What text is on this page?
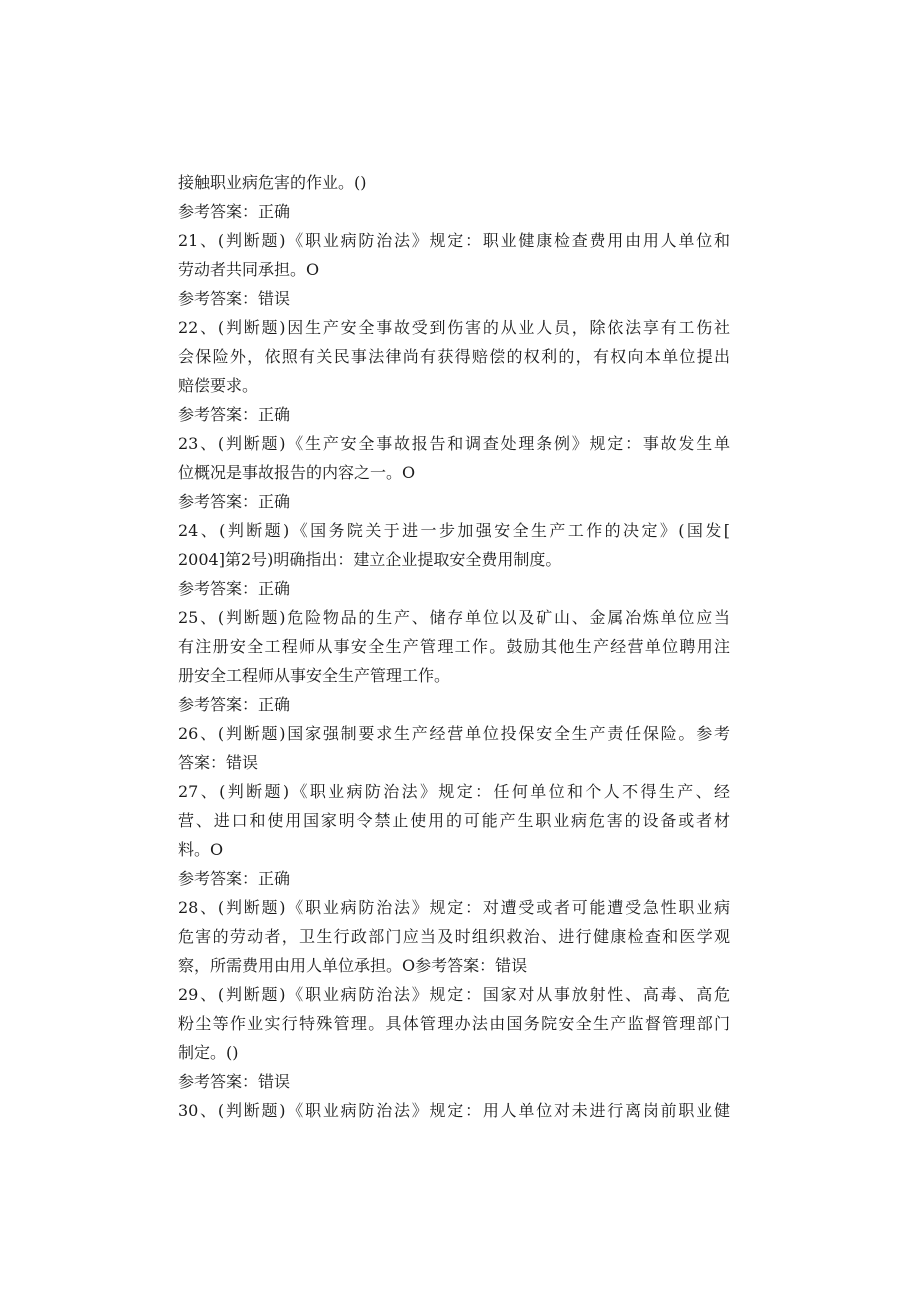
接触职业病危害的作业。()
参考答案：正确
21、(判断题)《职业病防治法》规定：职业健康检查费用由用人单位和
劳动者共同承担。O
参考答案：错误
22、(判断题)因生产安全事故受到伤害的从业人员，除依法享有工伤社
会保险外，依照有关民事法律尚有获得赔偿的权利的，有权向本单位提出
赔偿要求。
参考答案：正确
23、(判断题)《生产安全事故报告和调查处理条例》规定：事故发生单
位概况是事故报告的内容之一。O
参考答案：正确
24、(判断题)《国务院关于进一步加强安全生产工作的决定》(国发[
2004]第2号)明确指出：建立企业提取安全费用制度。
参考答案：正确
25、(判断题)危险物品的生产、储存单位以及矿山、金属冶炼单位应当
有注册安全工程师从事安全生产管理工作。鼓励其他生产经营单位聘用注
册安全工程师从事安全生产管理工作。
参考答案：正确
26、(判断题)国家强制要求生产经营单位投保安全生产责任保险。参考
答案：错误
27、(判断题)《职业病防治法》规定：任何单位和个人不得生产、经
营、进口和使用国家明令禁止使用的可能产生职业病危害的设备或者材
料。O
参考答案：正确
28、(判断题)《职业病防治法》规定：对遭受或者可能遭受急性职业病
危害的劳动者，卫生行政部门应当及时组织救治、进行健康检查和医学观
察，所需费用由用人单位承担。O参考答案：错误
29、(判断题)《职业病防治法》规定：国家对从事放射性、高毒、高危
粉尘等作业实行特殊管理。具体管理办法由国务院安全生产监督管理部门
制定。()
参考答案：错误
30、(判断题)《职业病防治法》规定：用人单位对未进行离岗前职业健
